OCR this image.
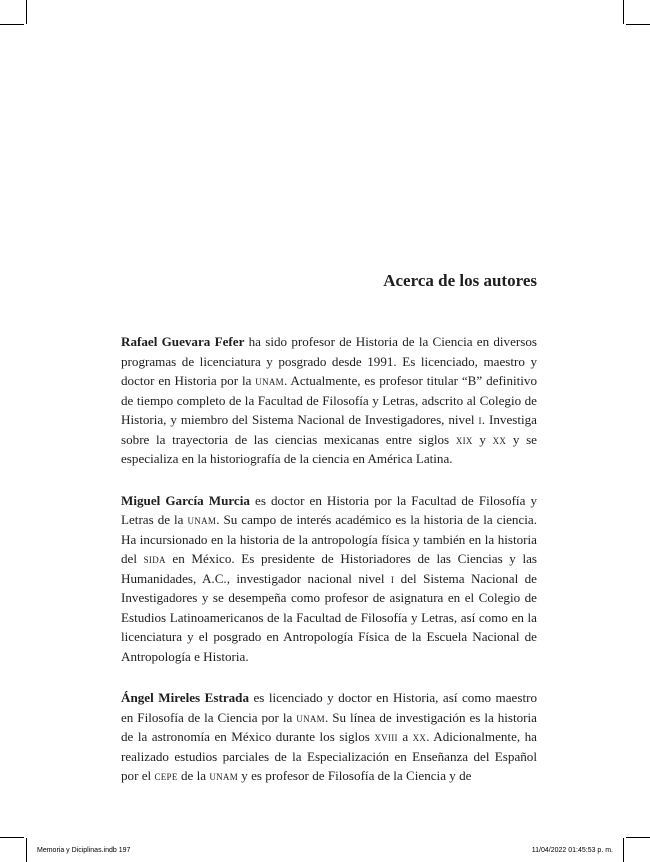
Acerca de los autores

Rafael Guevara Fefer ha sido profesor de Historia de la Ciencia en diversos programas de licenciatura y posgrado desde 1991. Es licenciado, maestro y doctor en Historia por la unam. Actualmente, es profesor titular “B” definitivo de tiempo completo de la Facultad de Filosofía y Letras, adscrito al Colegio de Historia, y miembro del Sistema Nacional de Investigadores, nivel i. Investiga sobre la trayectoria de las ciencias mexicanas entre siglos xix y xx y se especializa en la historiografía de la ciencia en América Latina.

Miguel García Murcia es doctor en Historia por la Facultad de Filosofía y Letras de la unam. Su campo de interés académico es la historia de la ciencia. Ha incursionado en la historia de la antropología física y también en la historia del sida en México. Es presidente de Historiadores de las Ciencias y las Humanidades, A.C., investigador nacional nivel i del Sistema Nacional de Investigadores y se desempeña como profesor de asignatura en el Colegio de Estudios Latinoamericanos de la Facultad de Filosofía y Letras, así como en la licenciatura y el posgrado en Antropología Física de la Escuela Nacional de Antropología e Historia.

Ángel Mireles Estrada es licenciado y doctor en Historia, así como maestro en Filosofía de la Ciencia por la unam. Su línea de investigación es la historia de la astronomía en México durante los siglos xviii a xx. Adicionalmente, ha realizado estudios parciales de la Especialización en Enseñanza del Español por el cepe de la unam y es profesor de Filosofía de la Ciencia y de

Memoria y Diciplinas.indb 197	11/04/2022 01:45:53 p. m.
